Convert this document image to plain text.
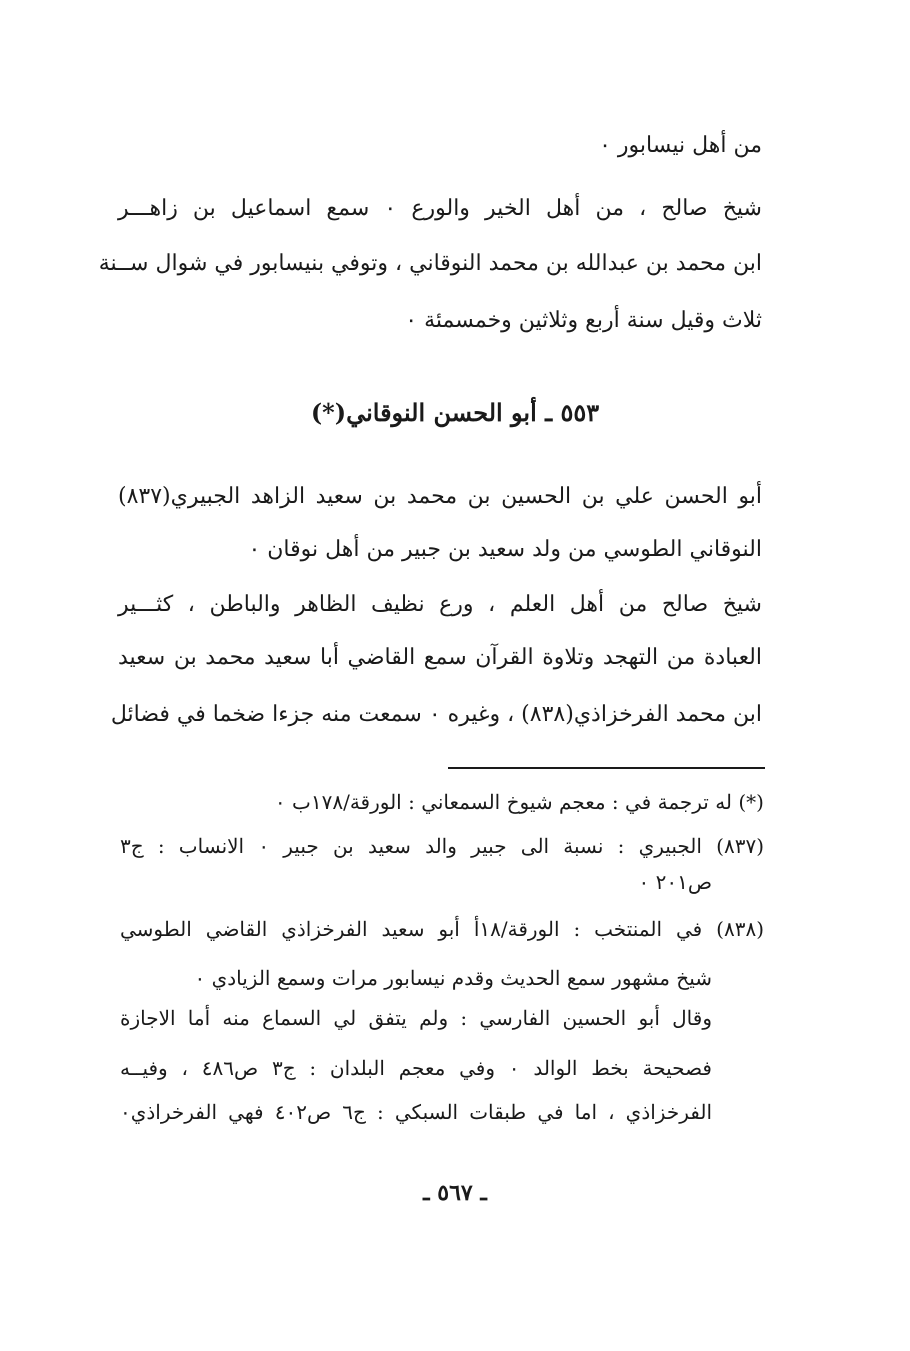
من أهل نيسابور ٠
شيخ صالح ، من أهل الخير والورع ٠ سمع اسماعيل بن زاهـــر
ابن محمد بن عبدالله بن محمد النوقاني ، وتوفي بنيسابور في شوال ســنة
ثلاث وقيل سنة أربع وثلاثين وخمسمئة ٠
٥٥٣ ـ أبو الحسن النوقاني(*)
أبو الحسن علي بن الحسين بن محمد بن سعيد الزاهد الجبيري(٨٣٧)
النوقاني الطوسي من ولد سعيد بن جبير من أهل نوقان ٠
شيخ صالح من أهل العلم ، ورع نظيف الظاهر والباطن ، كثـــير
العبادة من التهجد وتلاوة القرآن سمع القاضي أبا سعيد محمد بن سعيد
ابن محمد الفرخزاذي(٨٣٨) ، وغيره ٠ سمعت منه جزءا ضخما في فضائل
(*) له ترجمة في : معجم شيوخ السمعاني : الورقة/١٧٨ب ٠
(٨٣٧) الجبيري : نسبة الى جبير والد سعيد بن جبير ٠ الانساب : ج٣
ص٢٠١ ٠
(٨٣٨) في المنتخب : الورقة/١٨أ أبو سعيد الفرخزاذي القاضي الطوسي
شيخ مشهور سمع الحديث وقدم نيسابور مرات وسمع الزيادي ٠
وقال أبو الحسين الفارسي : ولم يتفق لي السماع منه أما الاجازة
فصحيحة بخط الوالد ٠ وفي معجم البلدان : ج٣ ص٤٨٦ ، وفيــه
الفرخزاذي ، اما في طبقات السبكي : ج٦ ص٤٠٢ فهي الفرخراذي٠
ـ ٥٦٧ ـ
